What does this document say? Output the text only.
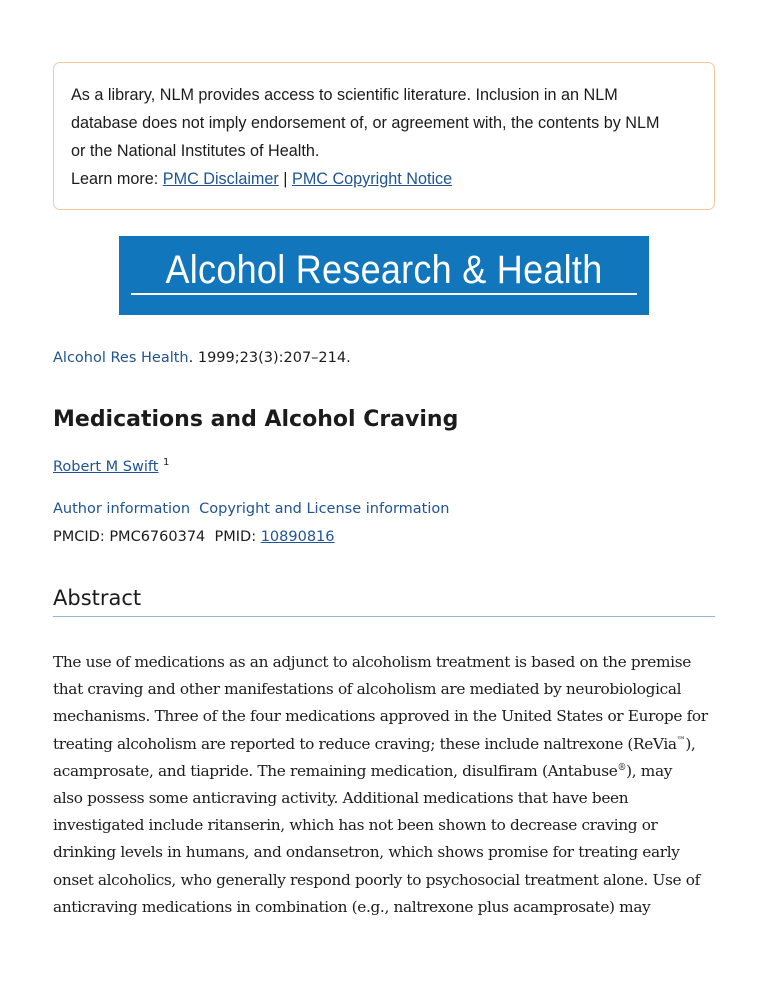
As a library, NLM provides access to scientific literature. Inclusion in an NLM

database does not imply endorsement of, or agreement with, the contents by NLM

or the National Institutes of Health.

Learn more: PMC Disclaimer | PMC Copyright Notice

Alcohol Research & Health
Alcohol Res Health. 1999;23(3):207–214.
Medications and Alcohol Craving
Robert M Swift $^1$
Author information Copyright and License information
PMCID: PMC6760374 PMID: 10890816
Abstract

The use of medications as an adjunct to alcoholism treatment is based on the premise
that craving and other manifestations of alcoholism are mediated by neurobiological
mechanisms. Three of the four medications approved in the United States or Europe for
treating alcoholism are reported to reduce craving; these include naltrexone (ReVia™),
acamprosate, and tiapride. The remaining medication, disulfiram (Antabuse®), may
also possess some anticraving activity. Additional medications that have been
investigated include ritanserin, which has not been shown to decrease craving or
drinking levels in humans, and ondansetron, which shows promise for treating early
onset alcoholics, who generally respond poorly to psychosocial treatment alone. Use of
anticraving medications in combination (e.g., naltrexone plus acamprosate) may
